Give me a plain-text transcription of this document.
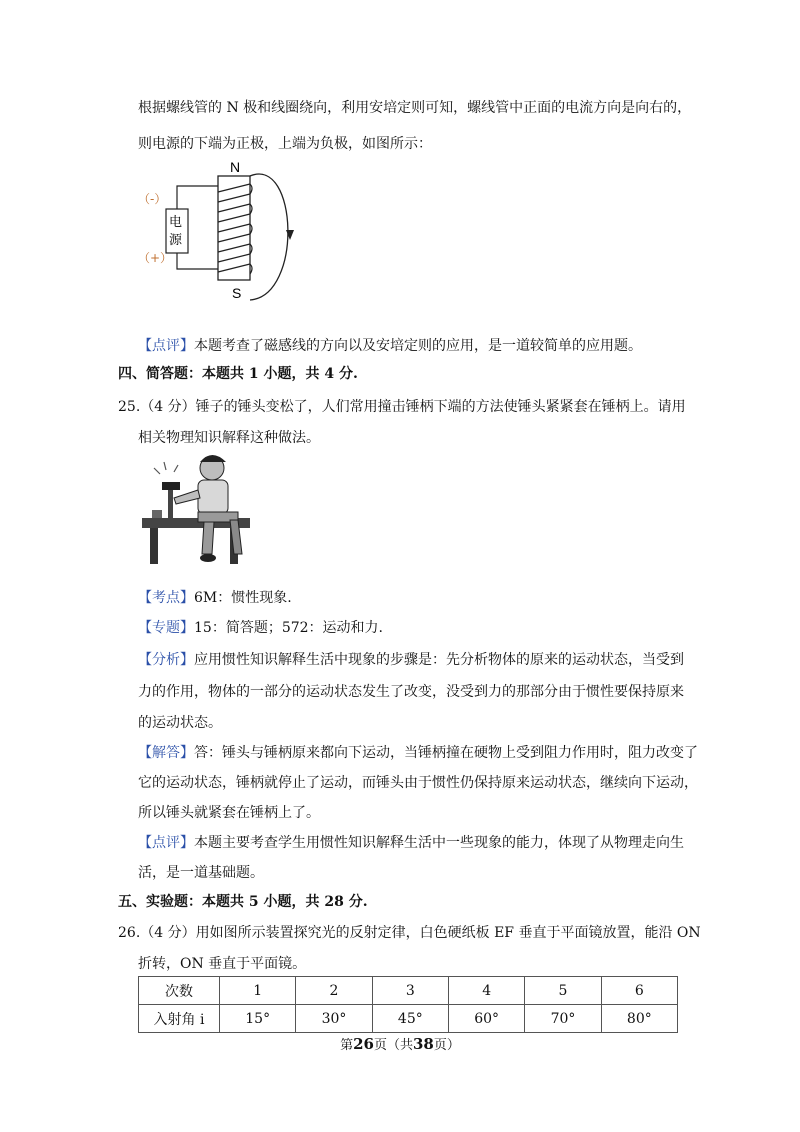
根据螺线管的 N 极和线圈绕向，利用安培定则可知，螺线管中正面的电流方向是向右的，
则电源的下端为正极，上端为负极，如图所示：
N
S
（-）
（+）
电
源
【点评】本题考查了磁感线的方向以及安培定则的应用，是一道较简单的应用题。
四、简答题：本题共 1 小题，共 4 分.
25.（4 分）锤子的锤头变松了，人们常用撞击锤柄下端的方法使锤头紧紧套在锤柄上。请用
相关物理知识解释这种做法。
【考点】6M：惯性现象.
【专题】15：简答题；572：运动和力.
【分析】应用惯性知识解释生活中现象的步骤是：先分析物体的原来的运动状态，当受到
力的作用，物体的一部分的运动状态发生了改变，没受到力的那部分由于惯性要保持原来
的运动状态。
【解答】答：锤头与锤柄原来都向下运动，当锤柄撞在硬物上受到阻力作用时，阻力改变了
它的运动状态，锤柄就停止了运动，而锤头由于惯性仍保持原来运动状态，继续向下运动，
所以锤头就紧套在锤柄上了。
【点评】本题主要考查学生用惯性知识解释生活中一些现象的能力，体现了从物理走向生
活，是一道基础题。
五、实验题：本题共 5 小题，共 28 分.
26.（4 分）用如图所示装置探究光的反射定律，白色硬纸板 EF 垂直于平面镜放置，能沿 ON
折转，ON 垂直于平面镜。
次数	1	2	3	4	5	6
入射角 i	15°	30°	45°	60°	70°	80°
第26页（共38页）
